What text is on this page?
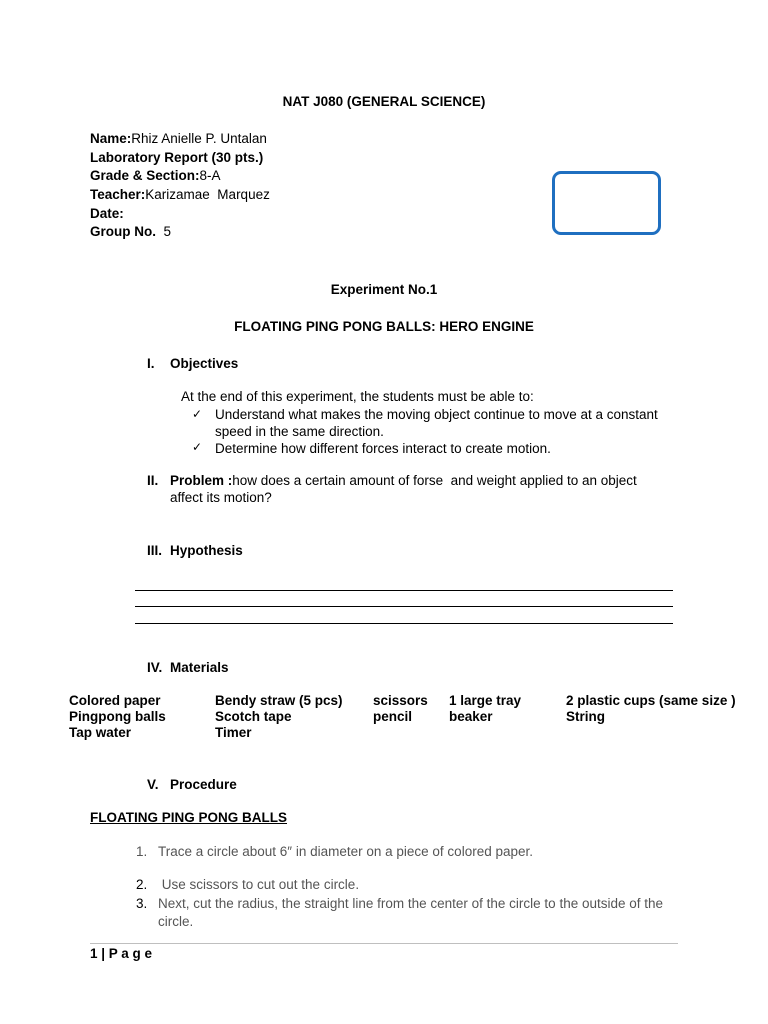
NAT J080 (GENERAL SCIENCE)
Name:Rhiz Anielle P. Untalan
Laboratory Report (30 pts.)
Grade & Section:8-A
Teacher:Karizamae  Marquez
Date:
Group No. 5
Experiment No.1
FLOATING PING PONG BALLS: HERO ENGINE
I. Objectives
At the end of this experiment, the students must be able to:
✓ Understand what makes the moving object continue to move at a constant
speed in the same direction.
✓ Determine how different forces interact to create motion.
II. Problem :how does a certain amount of forse  and weight applied to an object
affect its motion?
III. Hypothesis
IV. Materials
Colored paper
Pingpong balls
Tap water
Bendy straw (5 pcs)
Scotch tape
Timer
scissors
pencil
1 large tray
beaker
2 plastic cups (same size )
String
V. Procedure
FLOATING PING PONG BALLS
1. Trace a circle about 6″ in diameter on a piece of colored paper.
2. Use scissors to cut out the circle.
3. Next, cut the radius, the straight line from the center of the circle to the outside of the
circle.
1 | P a g e
